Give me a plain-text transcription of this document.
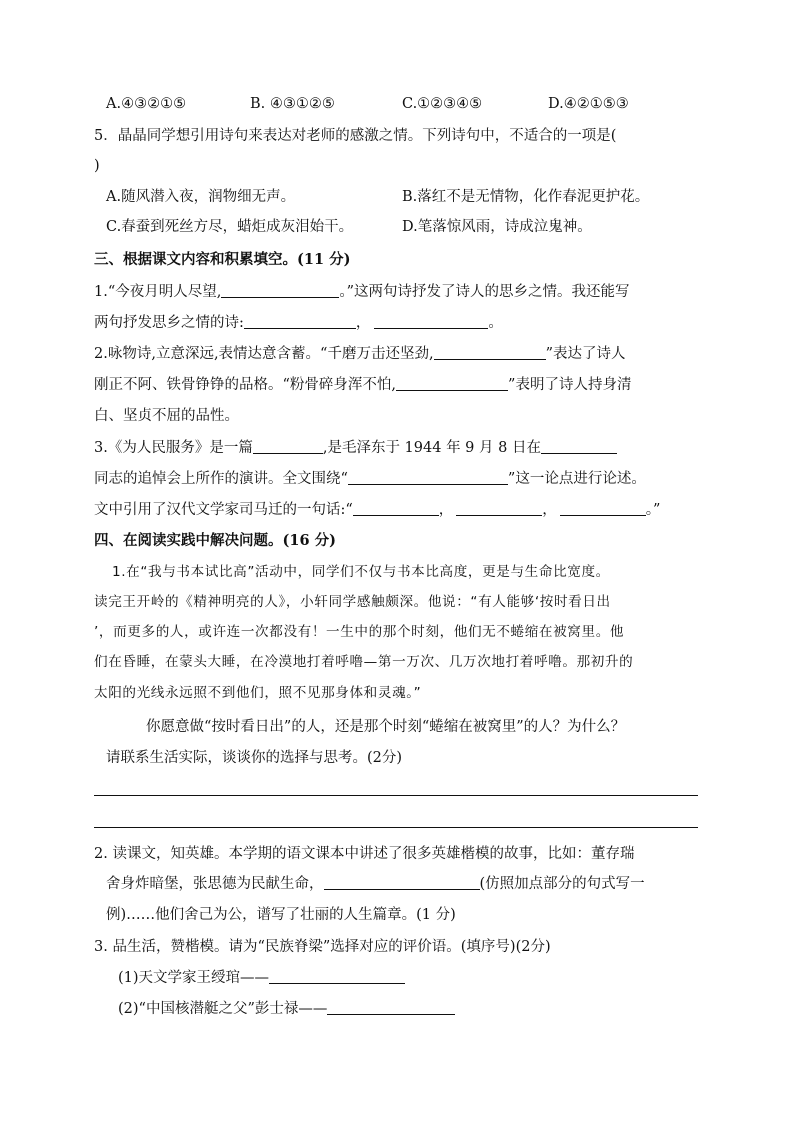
A.④③②①⑤	B. ④③①②⑤	C.①②③④⑤	D.④②①⑤③
5．晶晶同学想引用诗句来表达对老师的感激之情。下列诗句中，不适合的一项是(
)
A.随风潜入夜，润物细无声。	B.落红不是无情物，化作春泥更护花。
C.春蚕到死丝方尽，蜡炬成灰泪始干。	D.笔落惊风雨，诗成泣鬼神。
三、根据课文内容和积累填空。(11 分)
1.“今夜月明人尽望,	。”这两句诗抒发了诗人的思乡之情。我还能写
两句抒发思乡之情的诗:	，	。
2.咏物诗,立意深远,表情达意含蓄。“千磨万击还坚劲,	”表达了诗人
刚正不阿、铁骨铮铮的品格。“粉骨碎身浑不怕,	”表明了诗人持身清
白、坚贞不屈的品性。
3.《为人民服务》是一篇	,是毛泽东于 1944 年 9 月 8 日在
同志的追悼会上所作的演讲。全文围绕“	”这一论点进行论述。
文中引用了汉代文学家司马迁的一句话:“	，	，	。”
四、在阅读实践中解决问题。(16 分)
1.在“我与书本试比高”活动中，同学们不仅与书本比高度，更是与生命比宽度。
读完王开岭的《精神明亮的人》，小轩同学感触颇深。他说：“有人能够‘按时看日出
’，而更多的人，或许连一次都没有！一生中的那个时刻，他们无不蜷缩在被窝里。他
们在昏睡，在蒙头大睡，在冷漠地打着呼噜—第一万次、几万次地打着呼噜。那初升的
太阳的光线永远照不到他们，照不见那身体和灵魂。”
你愿意做“按时看日出”的人，还是那个时刻“蜷缩在被窝里”的人？为什么？
请联系生活实际，谈谈你的选择与思考。(2分)
2. 读课文，知英雄。本学期的语文课本中讲述了很多英雄楷模的故事，比如：董存瑞
舍身炸暗堡，张思德为民献生命，	(仿照加点部分的句式写一
例)……他们舍己为公，谱写了壮丽的人生篇章。(1 分)
3. 品生活，赞楷模。请为“民族脊梁”选择对应的评价语。(填序号)(2分)
(1)天文学家王绶琯——
(2)“中国核潜艇之父”彭士禄——
